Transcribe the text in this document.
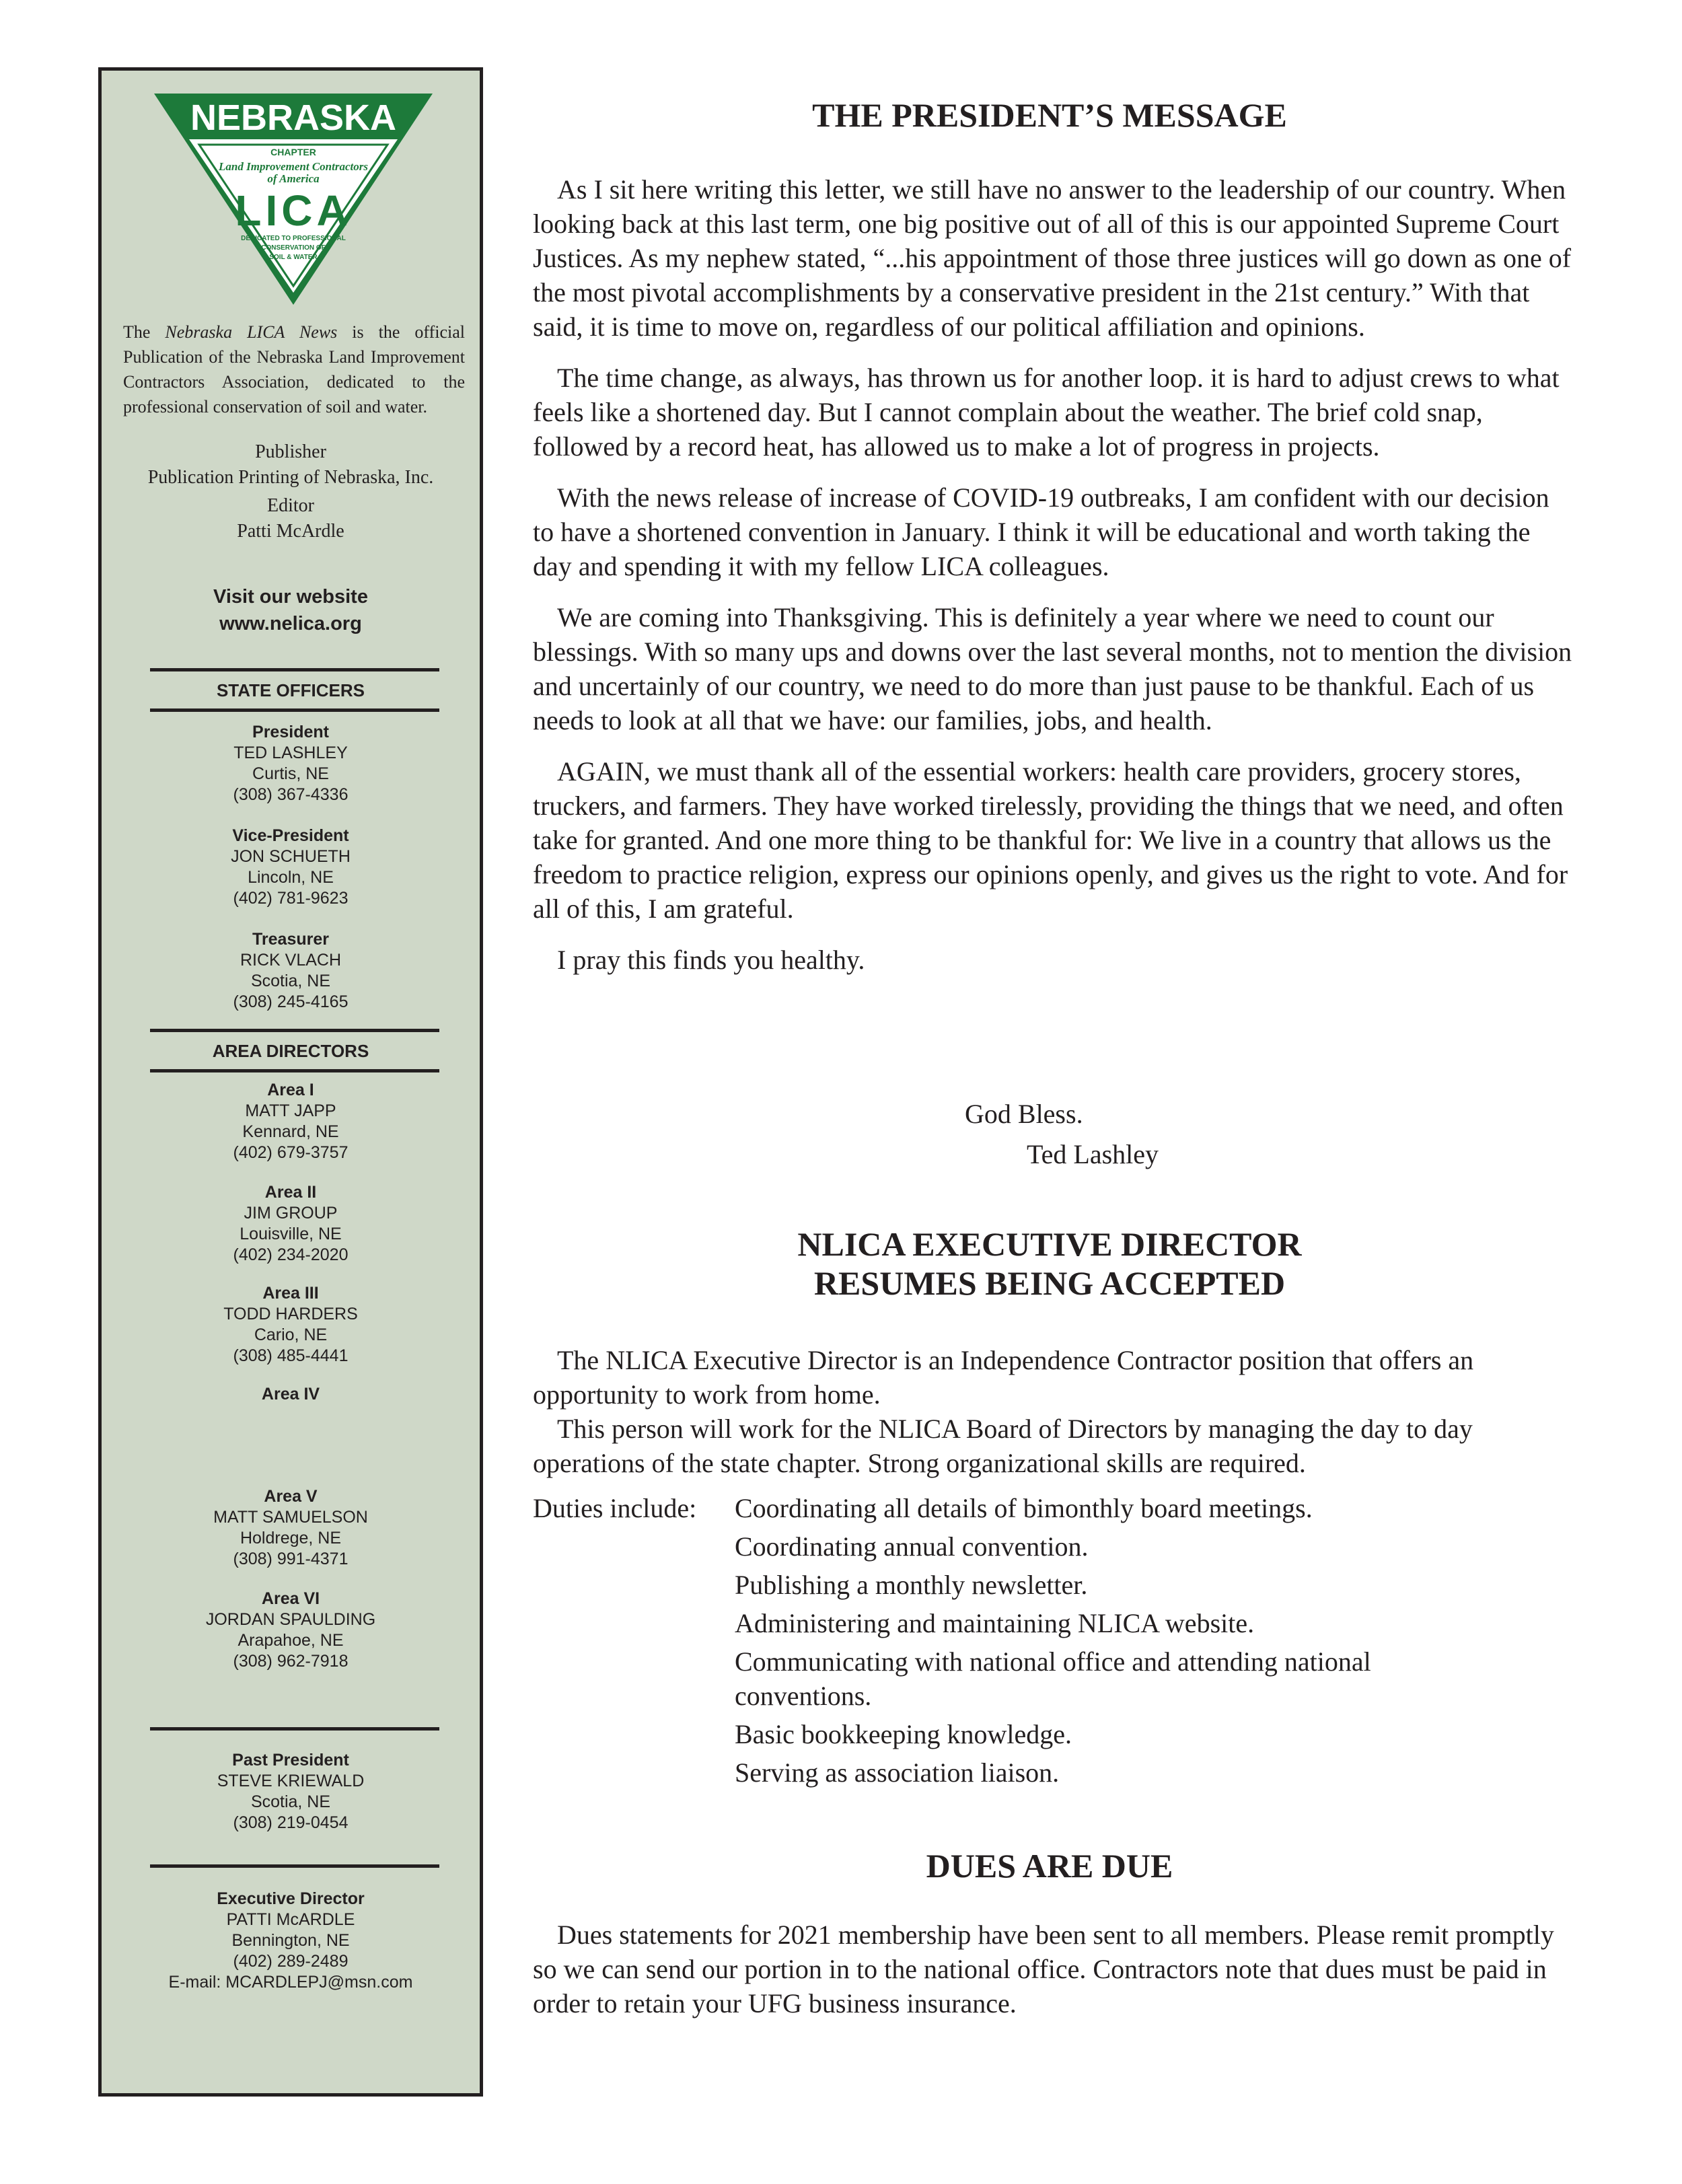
NEBRASKA
CHAPTER
Land Improvement Contractors
of America
LICA
DEDICATED TO PROFESSIONAL
CONSERVATION OF
SOIL & WATER
The Nebraska LICA News is the official Publication of the Nebraska Land Improvement Contractors Association, dedicated to the professional conservation of soil and water.
Publisher
Publication Printing of Nebraska, Inc.
Editor
Patti McArdle
Visit our website
www.nelica.org
STATE OFFICERS
President
TED LASHLEY
Curtis, NE
(308) 367-4336
Vice-President
JON SCHUETH
Lincoln, NE
(402) 781-9623
Treasurer
RICK VLACH
Scotia, NE
(308) 245-4165
AREA DIRECTORS
Area I
MATT JAPP
Kennard, NE
(402) 679-3757
Area II
JIM GROUP
Louisville, NE
(402) 234-2020
Area III
TODD HARDERS
Cario, NE
(308) 485-4441
Area IV
Area V
MATT SAMUELSON
Holdrege, NE
(308) 991-4371
Area VI
JORDAN SPAULDING
Arapahoe, NE
(308) 962-7918
Past President
STEVE KRIEWALD
Scotia, NE
(308) 219-0454
Executive Director
PATTI McARDLE
Bennington, NE
(402) 289-2489
E-mail: MCARDLEPJ@msn.com
THE PRESIDENT’S MESSAGE

As I sit here writing this letter, we still have no answer to the leadership of our country. When looking back at this last term, one big positive out of all of this is our appointed Supreme Court Justices. As my nephew stated, “...his appointment of those three justices will go down as one of the most pivotal accomplishments by a conservative president in the 21st century.” With that said, it is time to move on, regardless of our political affiliation and opinions.

The time change, as always, has thrown us for another loop. it is hard to adjust crews to what feels like a shortened day. But I cannot complain about the weather. The brief cold snap, followed by a record heat, has allowed us to make a lot of progress in projects.

With the news release of increase of COVID-19 outbreaks, I am confident with our decision to have a shortened convention in January. I think it will be educational and worth taking the day and spending it with my fellow LICA colleagues.

We are coming into Thanksgiving. This is definitely a year where we need to count our blessings. With so many ups and downs over the last several months, not to mention the division and uncertainly of our country, we need to do more than just pause to be thankful. Each of us needs to look at all that we have: our families, jobs, and health.

AGAIN, we must thank all of the essential workers: health care providers, grocery stores, truckers, and farmers. They have worked tirelessly, providing the things that we need, and often take for granted. And one more thing to be thankful for: We live in a country that allows us the freedom to practice religion, express our opinions openly, and gives us the right to vote. And for all of this, I am grateful.

I pray this finds you healthy.

God Bless.
Ted Lashley
NLICA EXECUTIVE DIRECTOR
RESUMES BEING ACCEPTED

The NLICA Executive Director is an Independence Contractor position that offers an opportunity to work from home.

This person will work for the NLICA Board of Directors by managing the day to day operations of the state chapter. Strong organizational skills are required.

Duties include: Coordinating all details of bimonthly board meetings.
Coordinating annual convention.
Publishing a monthly newsletter.
Administering and maintaining NLICA website.
Communicating with national office and attending national conventions.
Basic bookkeeping knowledge.
Serving as association liaison.
DUES ARE DUE

Dues statements for 2021 membership have been sent to all members. Please remit promptly so we can send our portion in to the national office. Contractors note that dues must be paid in order to retain your UFG business insurance.
